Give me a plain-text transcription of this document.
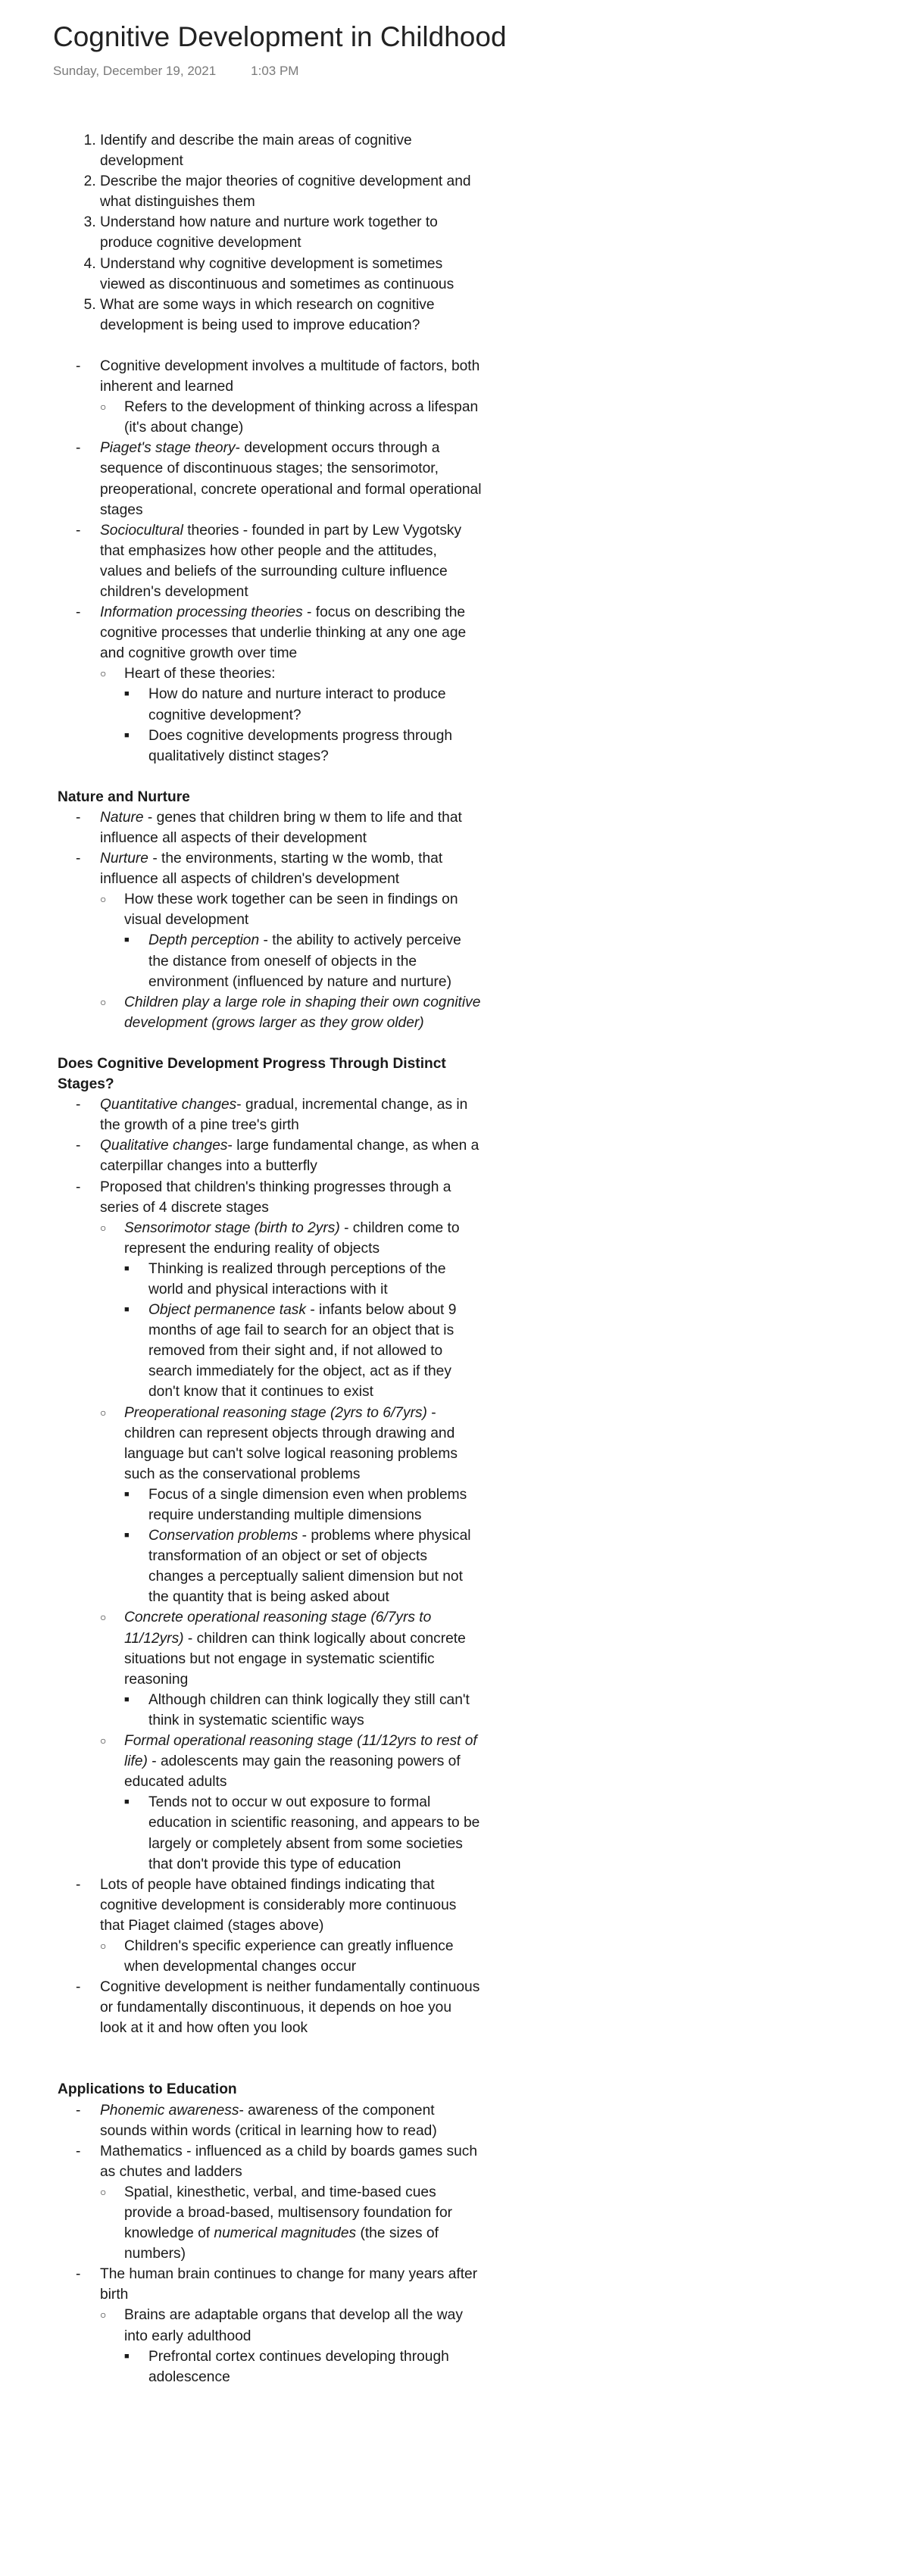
Cognitive Development in Childhood
Sunday, December 19, 2021	1:03 PM
1. Identify and describe the main areas of cognitive development
2. Describe the major theories of cognitive development and what distinguishes them
3. Understand how nature and nurture work together to produce cognitive development
4. Understand why cognitive development is sometimes viewed as discontinuous and sometimes as continuous
5. What are some ways in which research on cognitive development is being used to improve education?
- Cognitive development involves a multitude of factors, both inherent and learned
○ Refers to the development of thinking across a lifespan (it's about change)
- Piaget's stage theory- development occurs through a sequence of discontinuous stages; the sensorimotor, preoperational, concrete operational and formal operational stages
- Sociocultural theories - founded in part by Lew Vygotsky that emphasizes how other people and the attitudes, values and beliefs of the surrounding culture influence children's development
- Information processing theories - focus on describing the cognitive processes that underlie thinking at any one age and cognitive growth over time
○ Heart of these theories:
■ How do nature and nurture interact to produce cognitive development?
■ Does cognitive developments progress through qualitatively distinct stages?

Nature and Nurture

- Nature - genes that children bring w them to life and that influence all aspects of their development
- Nurture - the environments, starting w the womb, that influence all aspects of children's development
○ How these work together can be seen in findings on visual development
■ Depth perception - the ability to actively perceive the distance from oneself of objects in the environment (influenced by nature and nurture)
○ Children play a large role in shaping their own cognitive development (grows larger as they grow older)

Does Cognitive Development Progress Through Distinct Stages?

- Quantitative changes- gradual, incremental change, as in the growth of a pine tree's girth
- Qualitative changes- large fundamental change, as when a caterpillar changes into a butterfly
- Proposed that children's thinking progresses through a series of 4 discrete stages
○ Sensorimotor stage (birth to 2yrs) - children come to represent the enduring reality of objects
■ Thinking is realized through perceptions of the world and physical interactions with it
■ Object permanence task - infants below about 9 months of age fail to search for an object that is removed from their sight and, if not allowed to search immediately for the object, act as if they don't know that it continues to exist
○ Preoperational reasoning stage (2yrs to 6/7yrs) - children can represent objects through drawing and language but can't solve logical reasoning problems such as the conservational problems
■ Focus of a single dimension even when problems require understanding multiple dimensions
■ Conservation problems - problems where physical transformation of an object or set of objects changes a perceptually salient dimension but not the quantity that is being asked about
○ Concrete operational reasoning stage (6/7yrs to 11/12yrs) - children can think logically about concrete situations but not engage in systematic scientific reasoning
■ Although children can think logically they still can't think in systematic scientific ways
○ Formal operational reasoning stage (11/12yrs to rest of life) - adolescents may gain the reasoning powers of educated adults
■ Tends not to occur w out exposure to formal education in scientific reasoning, and appears to be largely or completely absent from some societies that don't provide this type of education
- Lots of people have obtained findings indicating that cognitive development is considerably more continuous that Piaget claimed (stages above)
○ Children's specific experience can greatly influence when developmental changes occur
- Cognitive development is neither fundamentally continuous or fundamentally discontinuous, it depends on hoe you look at it and how often you look

Applications to Education

- Phonemic awareness- awareness of the component sounds within words (critical in learning how to read)
- Mathematics - influenced as a child by boards games such as chutes and ladders
○ Spatial, kinesthetic, verbal, and time-based cues provide a broad-based, multisensory foundation for knowledge of numerical magnitudes (the sizes of numbers)
- The human brain continues to change for many years after birth
○ Brains are adaptable organs that develop all the way into early adulthood
■ Prefrontal cortex continues developing through adolescence
